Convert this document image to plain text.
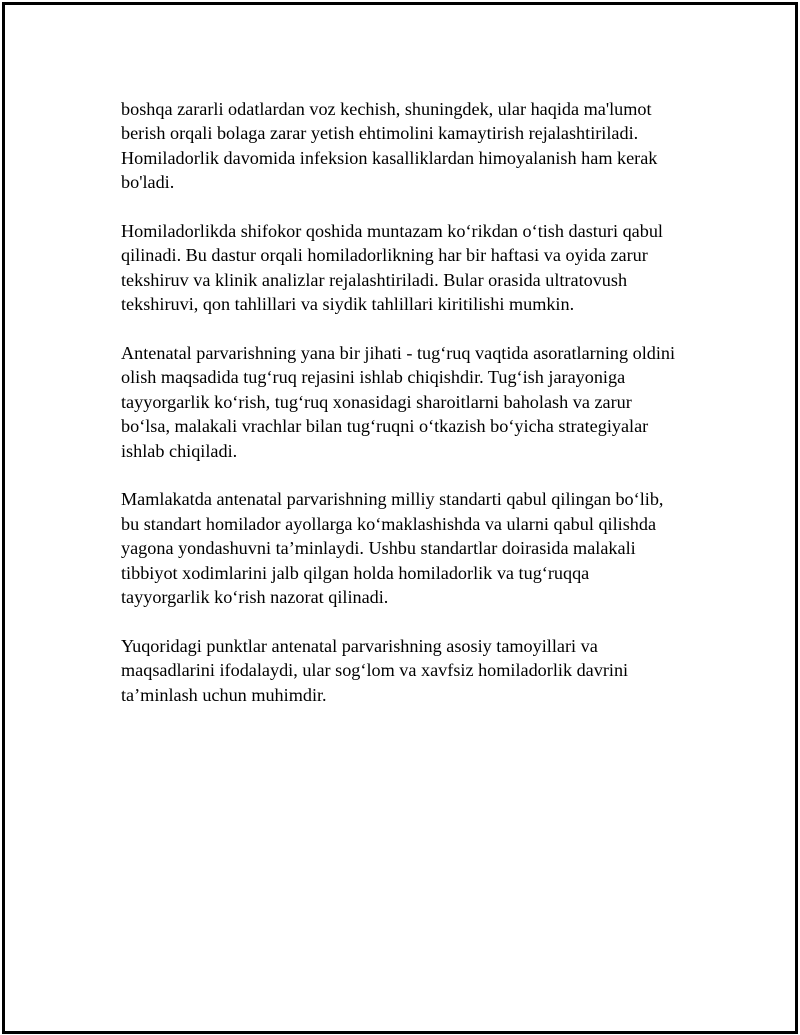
boshqa zararli odatlardan voz kechish, shuningdek, ular haqida ma'lumot
berish orqali bolaga zarar yetish ehtimolini kamaytirish rejalashtiriladi.
Homiladorlik davomida infeksion kasalliklardan himoyalanish ham kerak
bo'ladi.

Homiladorlikda shifokor qoshida muntazam ko‘rikdan o‘tish dasturi qabul
qilinadi. Bu dastur orqali homiladorlikning har bir haftasi va oyida zarur
tekshiruv va klinik analizlar rejalashtiriladi. Bular orasida ultratovush
tekshiruvi, qon tahlillari va siydik tahlillari kiritilishi mumkin.

Antenatal parvarishning yana bir jihati - tug‘ruq vaqtida asoratlarning oldini
olish maqsadida tug‘ruq rejasini ishlab chiqishdir. Tug‘ish jarayoniga
tayyorgarlik ko‘rish, tug‘ruq xonasidagi sharoitlarni baholash va zarur
bo‘lsa, malakali vrachlar bilan tug‘ruqni o‘tkazish bo‘yicha strategiyalar
ishlab chiqiladi.

Mamlakatda antenatal parvarishning milliy standarti qabul qilingan bo‘lib,
bu standart homilador ayollarga ko‘maklashishda va ularni qabul qilishda
yagona yondashuvni ta’minlaydi. Ushbu standartlar doirasida malakali
tibbiyot xodimlarini jalb qilgan holda homiladorlik va tug‘ruqqa
tayyorgarlik ko‘rish nazorat qilinadi.

Yuqoridagi punktlar antenatal parvarishning asosiy tamoyillari va
maqsadlarini ifodalaydi, ular sog‘lom va xavfsiz homiladorlik davrini
ta’minlash uchun muhimdir.
